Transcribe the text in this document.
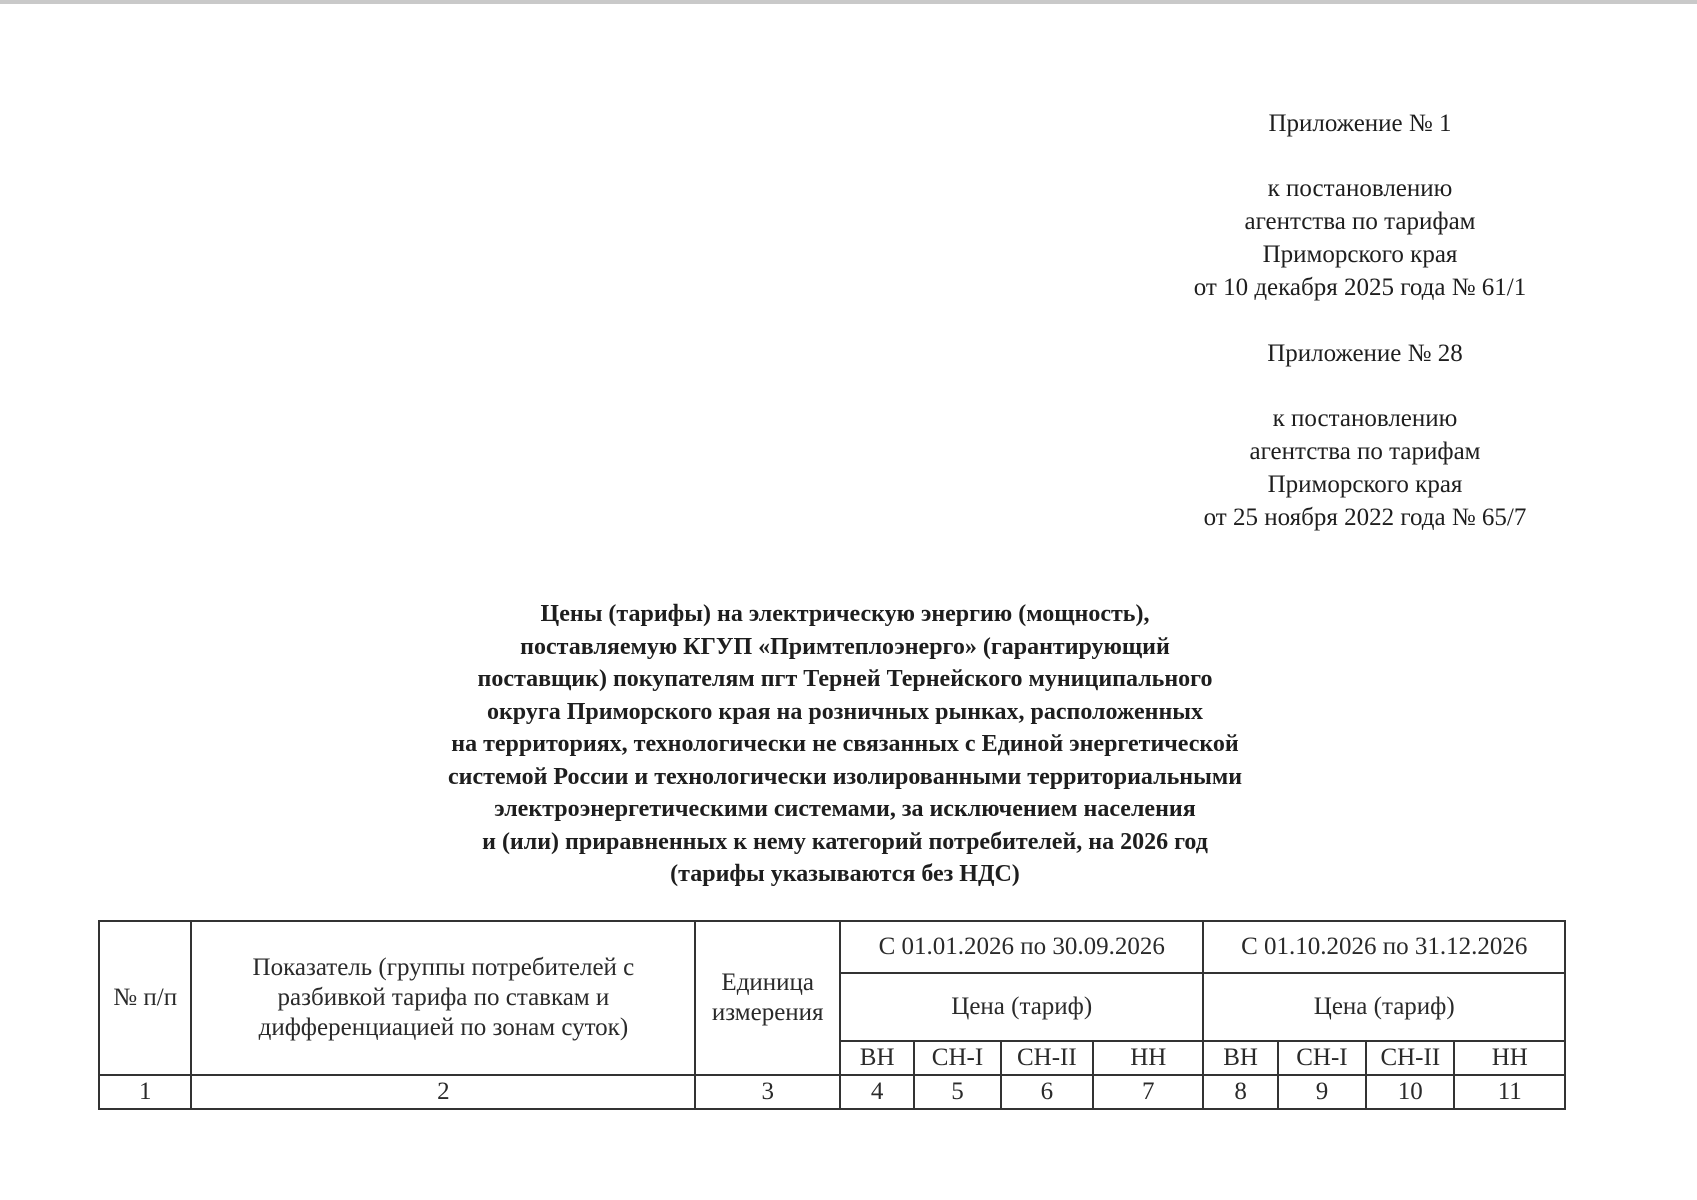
Приложение № 1
к постановлению
агентства по тарифам
Приморского края
от 10 декабря 2025 года № 61/1
Приложение № 28
к постановлению
агентства по тарифам
Приморского края
от 25 ноября 2022 года № 65/7
Цены (тарифы) на электрическую энергию (мощность),
поставляемую КГУП «Примтеплоэнерго» (гарантирующий
поставщик) покупателям пгт Терней Тернейского муниципального
округа Приморского края на розничных рынках, расположенных
на территориях, технологически не связанных с Единой энергетической
системой России и технологически изолированными территориальными
электроэнергетическими системами, за исключением населения
и (или) приравненных к нему категорий потребителей, на 2026 год
(тарифы указываются без НДС)
№ п/п	Показатель (группы потребителей с разбивкой тарифа по ставкам и дифференциацией по зонам суток)	Единица измерения	С 01.01.2026 по 30.09.2026				С 01.10.2026 по 31.12.2026			
			Цена (тариф)				Цена (тариф)			
			ВН	СН-I	СН-II	НН	ВН	СН-I	СН-II	НН
1	2	3	4	5	6	7	8	9	10	11
